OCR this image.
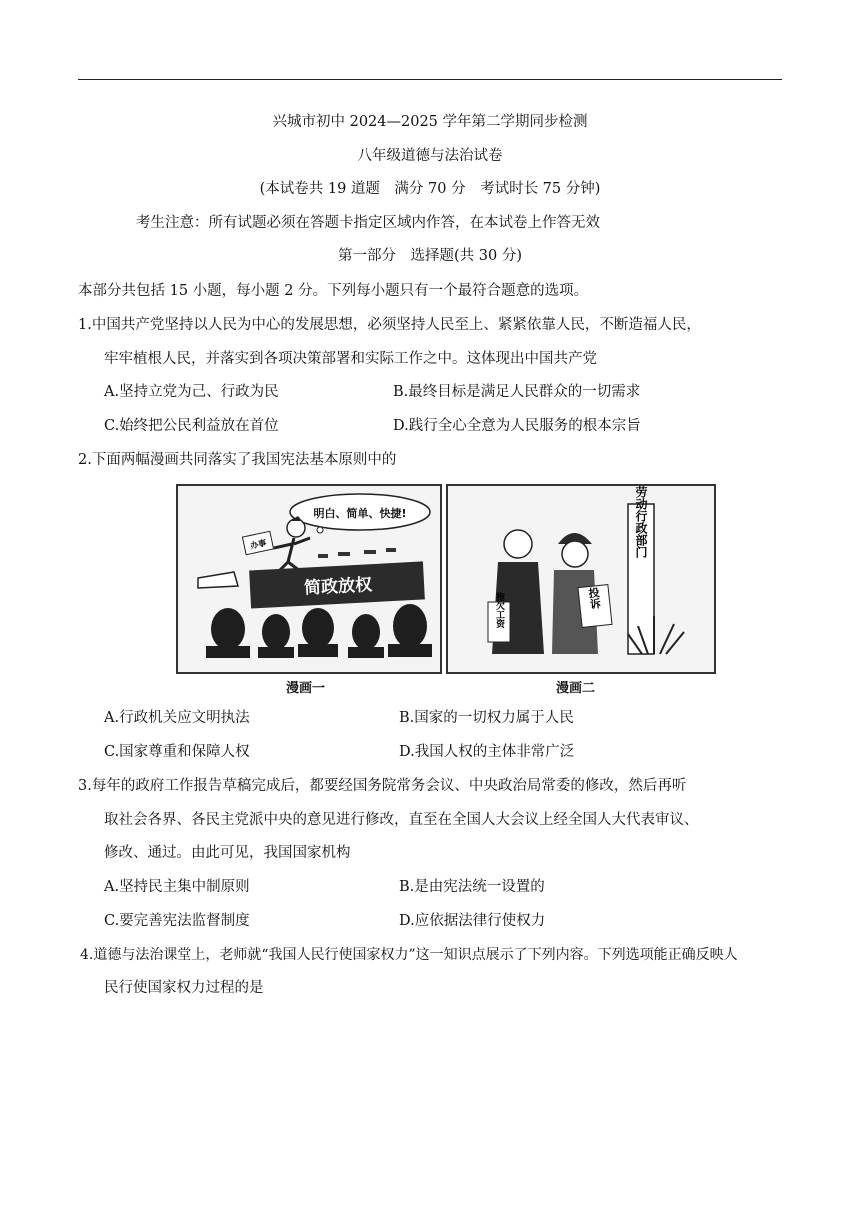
兴城市初中 2024—2025 学年第二学期同步检测
八年级道德与法治试卷
(本试卷共 19 道题　满分 70 分　考试时长 75 分钟)
考生注意：所有试题必须在答题卡指定区域内作答，在本试卷上作答无效
第一部分　选择题(共 30 分)
本部分共包括 15 小题，每小题 2 分。下列每小题只有一个最符合题意的选项。
1.中国共产党坚持以人民为中心的发展思想，必须坚持人民至上、紧紧依靠人民，不断造福人民，
牢牢植根人民，并落实到各项决策部署和实际工作之中。这体现出中国共产党
A.坚持立党为己、行政为民	B.最终目标是满足人民群众的一切需求
C.始终把公民利益放在首位	D.践行全心全意为人民服务的根本宗旨
2.下面两幅漫画共同落实了我国宪法基本原则中的
明白、简单、快捷!
办事
简政放权
漫画一
劳动行政部门
拖欠工资	投诉
漫画二
A.行政机关应文明执法	B.国家的一切权力属于人民
C.国家尊重和保障人权	D.我国人权的主体非常广泛
3.每年的政府工作报告草稿完成后，都要经国务院常务会议、中央政治局常委的修改，然后再听
取社会各界、各民主党派中央的意见进行修改，直至在全国人大会议上经全国人大代表审议、
修改、通过。由此可见，我国国家机构
A.坚持民主集中制原则	B.是由宪法统一设置的
C.要完善宪法监督制度	D.应依据法律行使权力
4.道德与法治课堂上，老师就“我国人民行使国家权力”这一知识点展示了下列内容。下列选项能正确反映人
民行使国家权力过程的是
